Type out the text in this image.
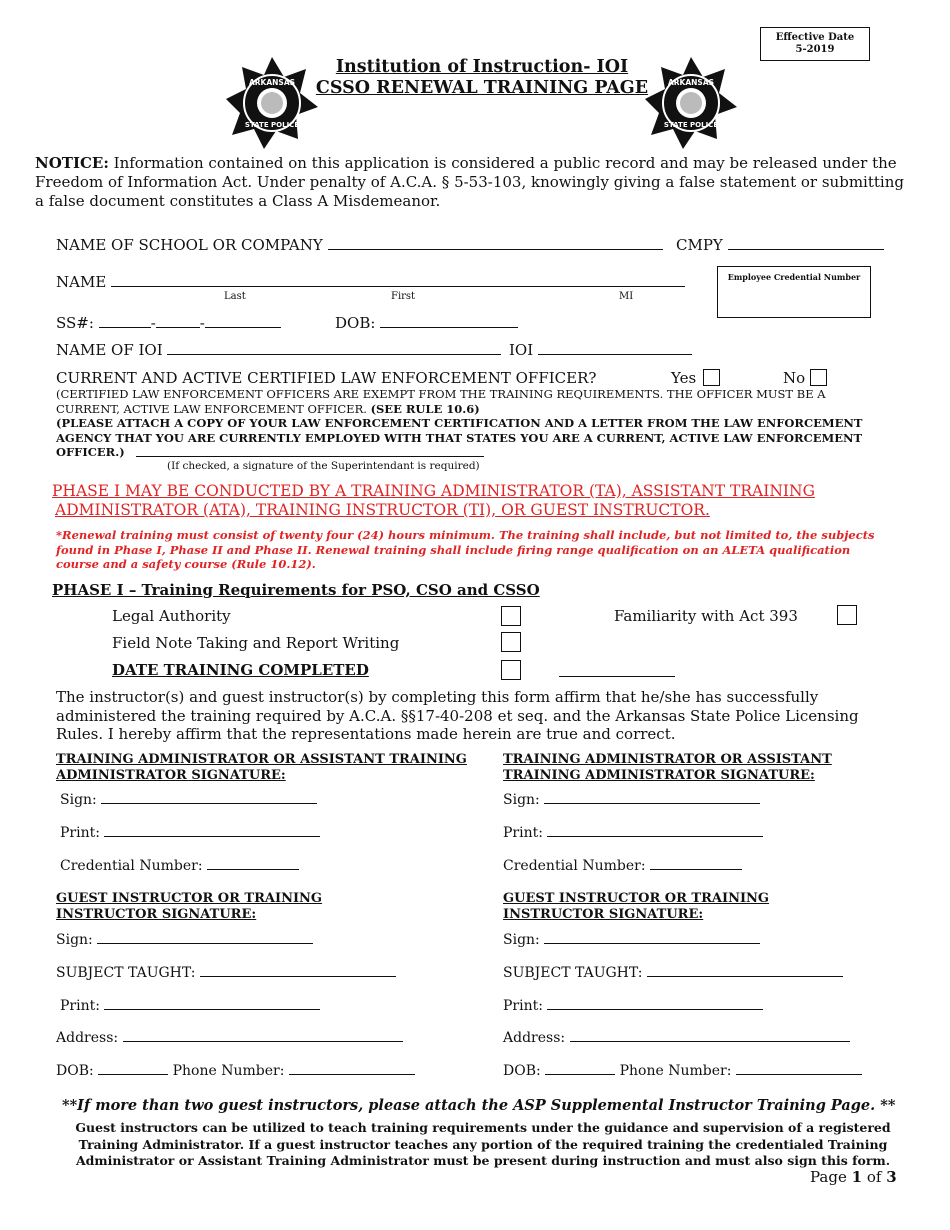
Effective Date
5-2019
ARKANSAS
STATE POLICE
ARKANSAS
STATE POLICE
Institution of Instruction- IOI
CSSO RENEWAL TRAINING PAGE
NOTICE: Information contained on this application is considered a public record and may be released under the Freedom of Information Act. Under penalty of A.C.A. § 5-53-103, knowingly giving a false statement or submitting a false document constitutes a Class A Misdemeanor.
NAME OF SCHOOL OR COMPANY	CMPY
NAME
Last	First	MI
Employee Credential Number
SS#:	-	-	DOB:
NAME OF IOI	IOI
CURRENT AND ACTIVE CERTIFIED LAW ENFORCEMENT OFFICER?	Yes	No
(CERTIFIED LAW ENFORCEMENT OFFICERS ARE EXEMPT FROM THE TRAINING REQUIREMENTS. THE OFFICER MUST BE A CURRENT, ACTIVE LAW ENFORCEMENT OFFICER. (SEE RULE 10.6)
(PLEASE ATTACH A COPY OF YOUR LAW ENFORCEMENT CERTIFICATION AND A LETTER FROM THE LAW ENFORCEMENT AGENCY THAT YOU ARE CURRENTLY EMPLOYED WITH THAT STATES YOU ARE A CURRENT, ACTIVE LAW ENFORCEMENT OFFICER.)
(If checked, a signature of the Superintendant is required)
PHASE I MAY BE CONDUCTED BY A TRAINING ADMINISTRATOR (TA), ASSISTANT TRAINING
ADMINISTRATOR (ATA), TRAINING INSTRUCTOR (TI), OR GUEST INSTRUCTOR.
*Renewal training must consist of twenty four (24) hours minimum. The training shall include, but not limited to, the subjects found in Phase I, Phase II and Phase II. Renewal training shall include firing range qualification on an ALETA qualification course and a safety course (Rule 10.12).
PHASE I – Training Requirements for PSO, CSO and CSSO
Legal Authority	Familiarity with Act 393
Field Note Taking and Report Writing
DATE TRAINING COMPLETED
The instructor(s) and guest instructor(s) by completing this form affirm that he/she has successfully administered the training required by A.C.A. §§17-40-208 et seq. and the Arkansas State Police Licensing Rules. I hereby affirm that the representations made herein are true and correct.
TRAINING ADMINISTRATOR OR ASSISTANT TRAINING ADMINISTRATOR SIGNATURE:
Sign:
Print:
Credential Number:
TRAINING ADMINISTRATOR OR ASSISTANT TRAINING ADMINISTRATOR SIGNATURE:
Sign:
Print:
Credential Number:
GUEST INSTRUCTOR OR TRAINING INSTRUCTOR SIGNATURE:
Sign:
SUBJECT TAUGHT:
Print:
Address:
DOB:	Phone Number:
GUEST INSTRUCTOR OR TRAINING INSTRUCTOR SIGNATURE:
Sign:
SUBJECT TAUGHT:
Print:
Address:
DOB:	Phone Number:
**If more than two guest instructors, please attach the ASP Supplemental Instructor Training Page. **
Guest instructors can be utilized to teach training requirements under the guidance and supervision of a registered Training Administrator. If a guest instructor teaches any portion of the required training the credentialed Training Administrator or Assistant Training Administrator must be present during instruction and must also sign this form.
Page 1 of 3
